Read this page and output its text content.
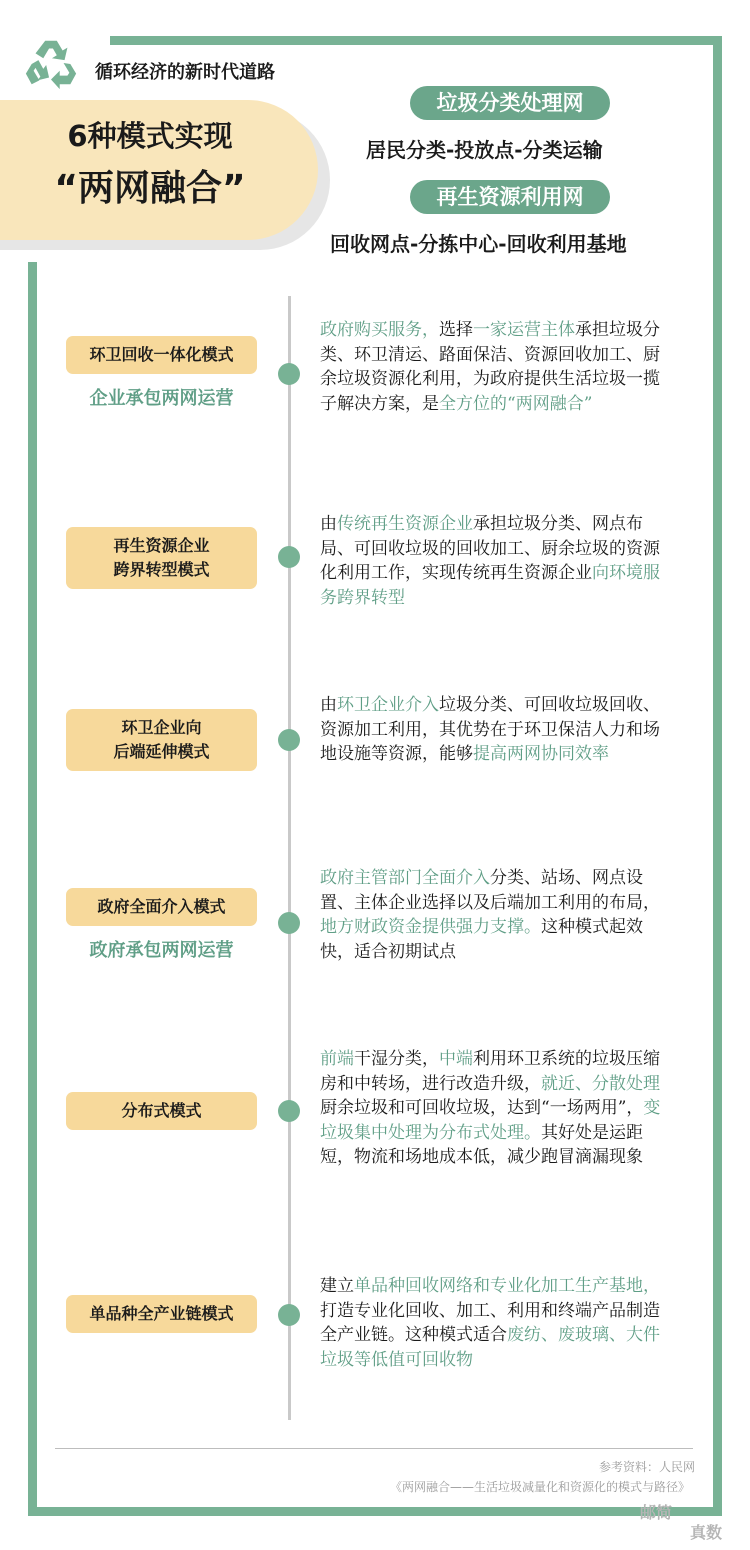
循环经济的新时代道路
6种模式实现
“两网融合”
垃圾分类处理网
居民分类-投放点-分类运输
再生资源利用网
回收网点-分拣中心-回收利用基地
环卫回收一体化模式
企业承包两网运营
政府购买服务，选择一家运营主体承担垃圾分类、环卫清运、路面保洁、资源回收加工、厨余垃圾资源化利用，为政府提供生活垃圾一揽子解决方案，是全方位的“两网融合”
再生资源企业
跨界转型模式
由传统再生资源企业承担垃圾分类、网点布局、可回收垃圾的回收加工、厨余垃圾的资源化利用工作，实现传统再生资源企业向环境服务跨界转型
环卫企业向
后端延伸模式
由环卫企业介入垃圾分类、可回收垃圾回收、资源加工利用，其优势在于环卫保洁人力和场地设施等资源，能够提高两网协同效率
政府全面介入模式
政府承包两网运营
政府主管部门全面介入分类、站场、网点设置、主体企业选择以及后端加工利用的布局，地方财政资金提供强力支撑。这种模式起效快，适合初期试点
分布式模式
前端干湿分类，中端利用环卫系统的垃圾压缩房和中转场，进行改造升级，就近、分散处理厨余垃圾和可回收垃圾，达到“一场两用”，变垃圾集中处理为分布式处理。其好处是运距短，物流和场地成本低，减少跑冒滴漏现象
单品种全产业链模式
建立单品种回收网络和专业化加工生产基地，打造专业化回收、加工、利用和终端产品制造全产业链。这种模式适合废纺、废玻璃、大件垃圾等低值可回收物
参考资料：人民网
《两网融合——生活垃圾减量化和资源化的模式与路径》
邮简
真数
